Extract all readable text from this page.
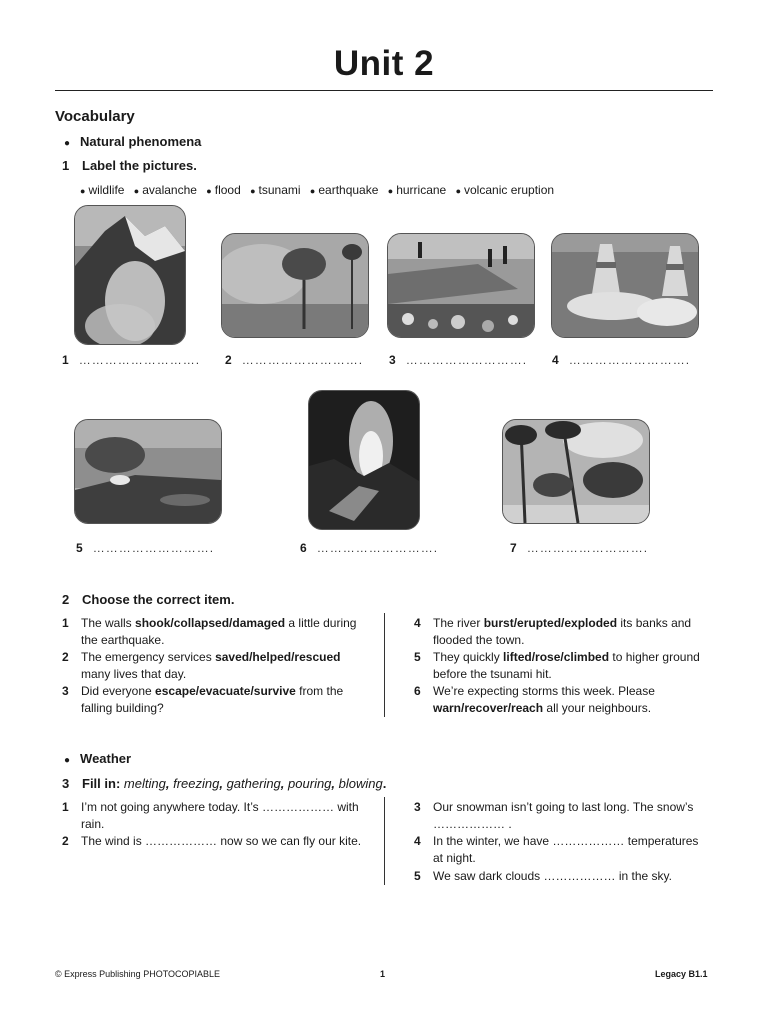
Unit 2
Vocabulary
● Natural phenomena
1 Label the pictures.
● wildlife ● avalanche ● flood ● tsunami ● earthquake ● hurricane ● volcanic eruption
1 ………………………. 2 ………………………. 3 ………………………. 4 ……………………….
5 ……………………….	6 ……………………….	7 ……………………….
2 Choose the correct item.
1 The walls shook/collapsed/damaged a little during the earthquake.
2 The emergency services saved/helped/rescued many lives that day.
3 Did everyone escape/evacuate/survive from the falling building?
4 The river burst/erupted/exploded its banks and flooded the town.
5 They quickly lifted/rose/climbed to higher ground before the tsunami hit.
6 We’re expecting storms this week. Please warn/recover/reach all your neighbours.
● Weather
3 Fill in: melting, freezing, gathering, pouring, blowing.
1 I’m not going anywhere today. It’s ……………… with rain.
2 The wind is ……………… now so we can fly our kite.
3 Our snowman isn’t going to last long. The snow’s ……………… .
4 In the winter, we have ……………… temperatures at night.
5 We saw dark clouds ……………… in the sky.
© Express Publishing PHOTOCOPIABLE	1	Legacy B1.1
